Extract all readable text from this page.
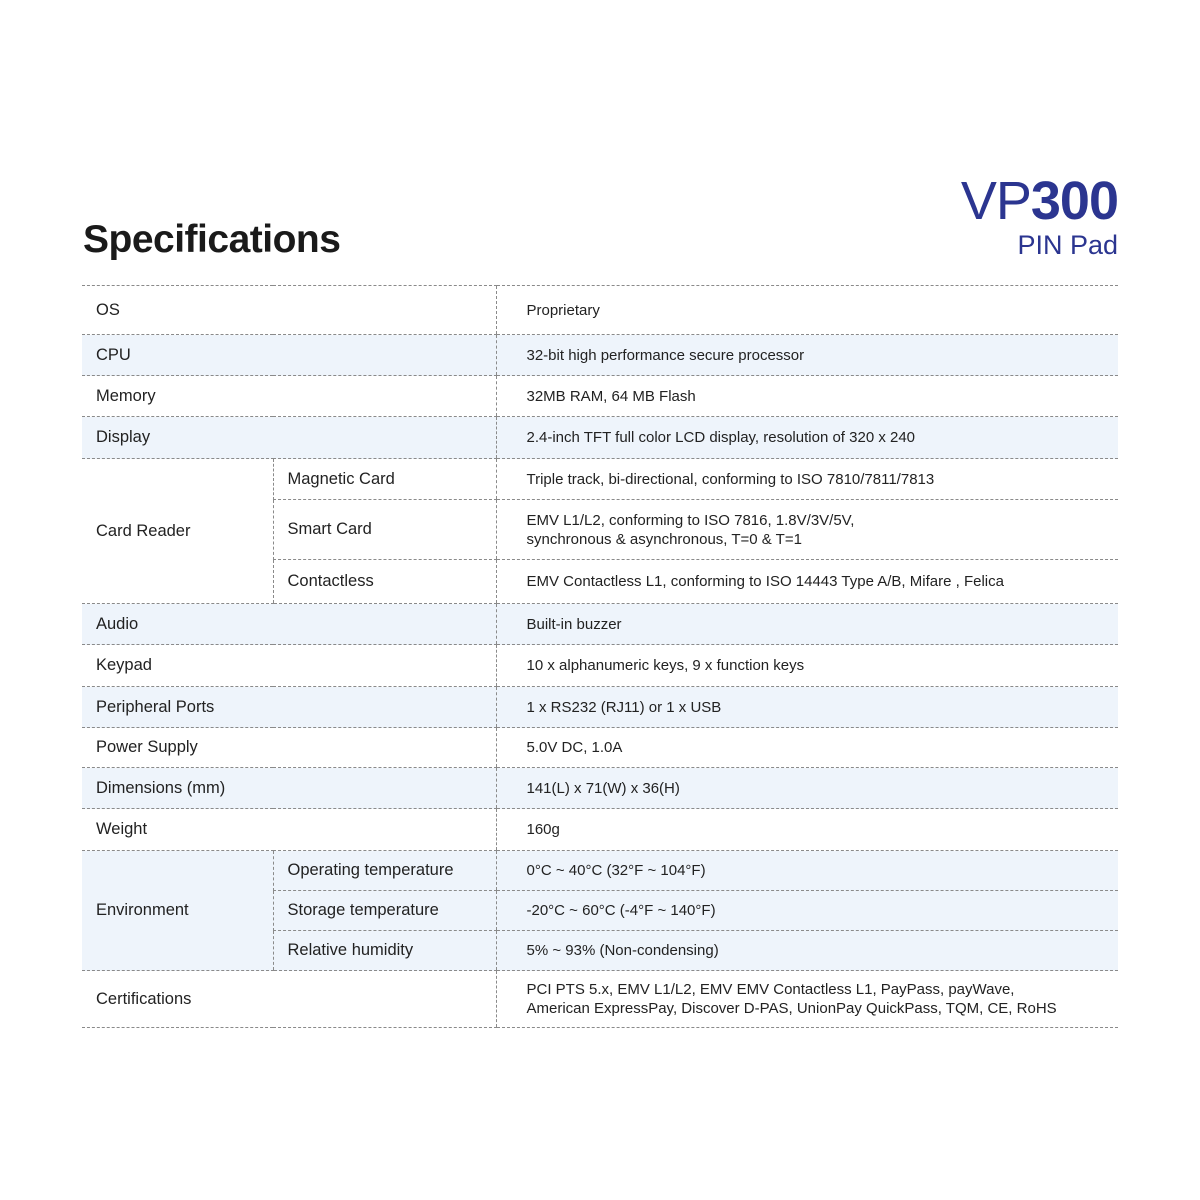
Specifications
VP300
PIN Pad
OS		Proprietary
CPU		32-bit high performance secure processor
Memory		32MB RAM, 64 MB Flash
Display		2.4-inch TFT full color LCD display, resolution of 320 x 240
Card Reader	Magnetic Card	Triple track, bi-directional, conforming to ISO 7810/7811/7813
	Smart Card	EMV L1/L2, conforming to ISO 7816, 1.8V/3V/5V,
synchronous & asynchronous, T=0 & T=1
	Contactless	EMV Contactless L1, conforming to ISO 14443 Type A/B, Mifare , Felica
Audio		Built-in buzzer
Keypad		10 x alphanumeric keys, 9 x function keys
Peripheral Ports		1 x RS232 (RJ11) or 1 x USB
Power Supply		5.0V DC, 1.0A
Dimensions (mm)		141(L) x 71(W) x 36(H)
Weight		160g
Environment	Operating temperature	0°C ~ 40°C (32°F ~ 104°F)
	Storage temperature	-20°C ~ 60°C (-4°F ~ 140°F)
	Relative humidity	5% ~ 93% (Non-condensing)
Certifications		PCI PTS 5.x, EMV L1/L2, EMV EMV Contactless L1, PayPass, payWave,
American ExpressPay, Discover D-PAS, UnionPay QuickPass, TQM, CE, RoHS
